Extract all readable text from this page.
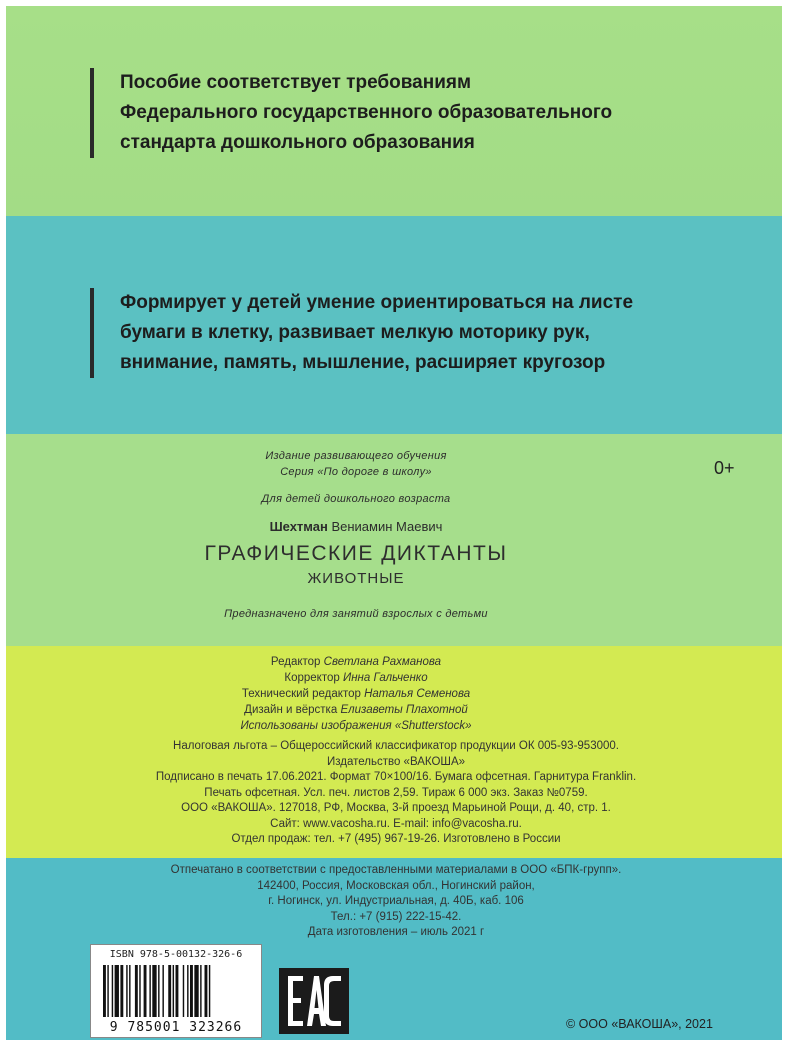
Пособие соответствует требованиям
Федерального государственного образовательного
стандарта дошкольного образования
Формирует у детей умение ориентироваться на листе
бумаги в клетку, развивает мелкую моторику рук,
внимание, память, мышление, расширяет кругозор
Издание развивающего обучения
Серия «По дороге в школу»	0+
Для детей дошкольного возраста
Шехтман Вениамин Маевич
ГРАФИЧЕСКИЕ ДИКТАНТЫ
ЖИВОТНЫЕ
Предназначено для занятий взрослых с детьми
Редактор Светлана Рахманова
Корректор Инна Гальченко
Технический редактор Наталья Семенова
Дизайн и вёрстка Елизаветы Плахотной
Использованы изображения «Shutterstock»
Налоговая льгота – Общероссийский классификатор продукции ОК 005-93-953000.
Издательство «ВАКОША»
Подписано в печать 17.06.2021. Формат 70×100/16. Бумага офсетная. Гарнитура Franklin.
Печать офсетная. Усл. печ. листов 2,59. Тираж 6 000 экз. Заказ №0759.
ООО «ВАКОША». 127018, РФ, Москва, 3-й проезд Марьиной Рощи, д. 40, стр. 1.
Сайт: www.vacosha.ru. E-mail: info@vacosha.ru.
Отдел продаж: тел. +7 (495) 967-19-26. Изготовлено в России
Отпечатано в соответствии с предоставленными материалами в ООО «БПК-групп».
142400, Россия, Московская обл., Ногинский район,
г. Ногинск, ул. Индустриальная, д. 40Б, каб. 106
Тел.: +7 (915) 222-15-42.
Дата изготовления – июль 2021 г
ISBN 978-5-00132-326-6
9 785001 323266	© ООО «ВАКОША», 2021
